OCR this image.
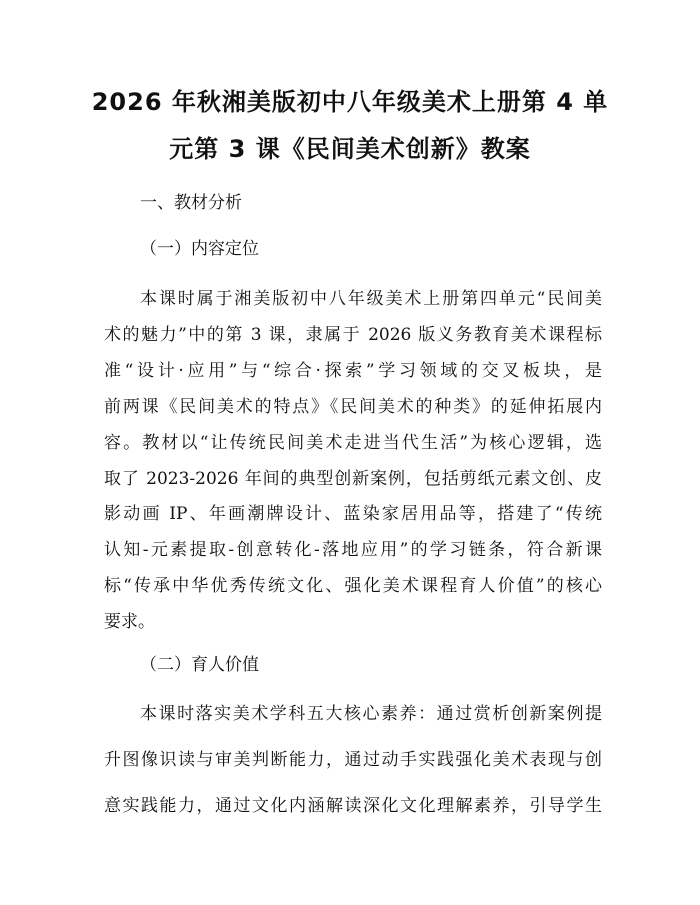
2026 年秋湘美版初中八年级美术上册第 4 单
元第 3 课《民间美术创新》教案

一、教材分析

（一）内容定位

本课时属于湘美版初中八年级美术上册第四单元“民间美

术的魅力”中的第 3 课，隶属于 2026 版义务教育美术课程标

准“设计·应用”与“综合·探索”学习领域的交叉板块，是

前两课《民间美术的特点》《民间美术的种类》的延伸拓展内

容。教材以“让传统民间美术走进当代生活”为核心逻辑，选

取了 2023-2026 年间的典型创新案例，包括剪纸元素文创、皮

影动画 IP、年画潮牌设计、蓝染家居用品等，搭建了“传统

认知-元素提取-创意转化-落地应用”的学习链条，符合新课

（二）育人价值

本课时落实美术学科五大核心素养：通过赏析创新案例提

升图像识读与审美判断能力，通过动手实践强化美术表现与创

意实践能力，通过文化内涵解读深化文化理解素养，引导学生

标“传承中华优秀传统文化、强化美术课程育人价值”的核心

要求。
